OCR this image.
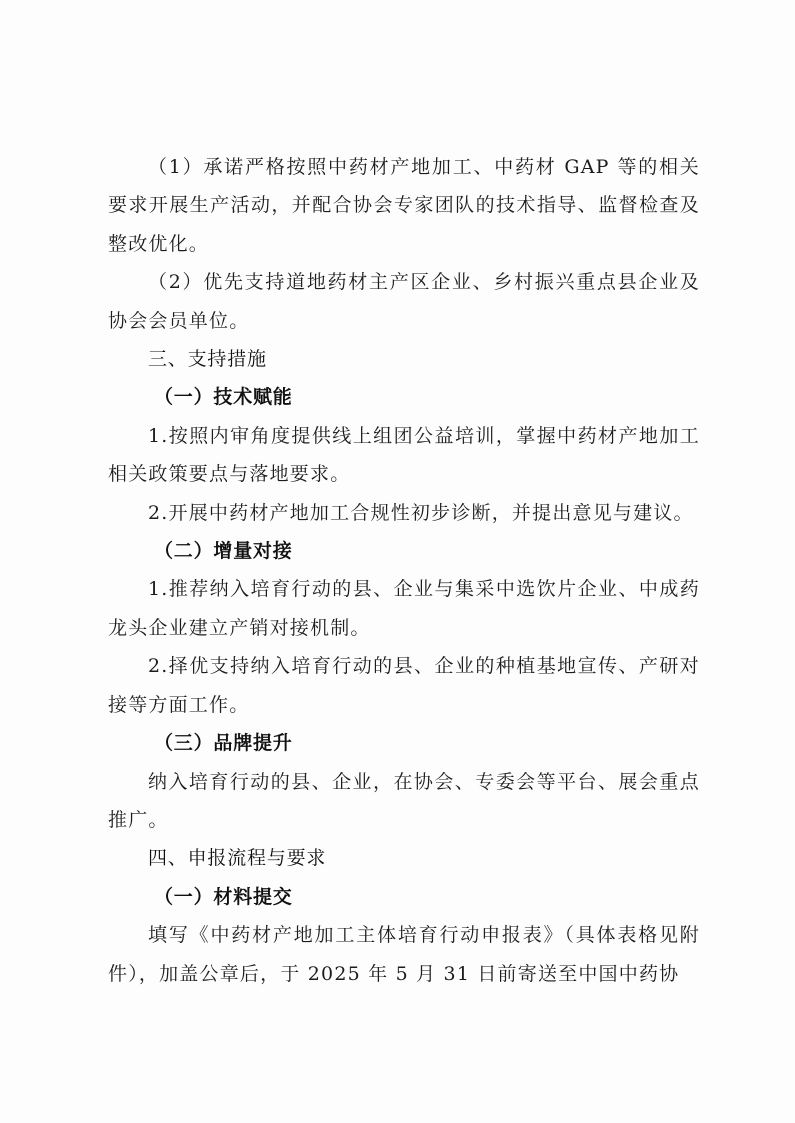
（1）承诺严格按照中药材产地加工、中药材 GAP 等的相关要求开展生产活动，并配合协会专家团队的技术指导、监督检查及整改优化。

（2）优先支持道地药材主产区企业、乡村振兴重点县企业及协会会员单位。

三、支持措施

（一）技术赋能

1.按照内审角度提供线上组团公益培训，掌握中药材产地加工相关政策要点与落地要求。

2.开展中药材产地加工合规性初步诊断，并提出意见与建议。

（二）增量对接

1.推荐纳入培育行动的县、企业与集采中选饮片企业、中成药龙头企业建立产销对接机制。

2.择优支持纳入培育行动的县、企业的种植基地宣传、产研对接等方面工作。

（三）品牌提升

纳入培育行动的县、企业，在协会、专委会等平台、展会重点推广。

四、申报流程与要求

（一）材料提交

填写《中药材产地加工主体培育行动申报表》（具体表格见附件），加盖公章后，于 2025 年 5 月 31 日前寄送至中国中药协
